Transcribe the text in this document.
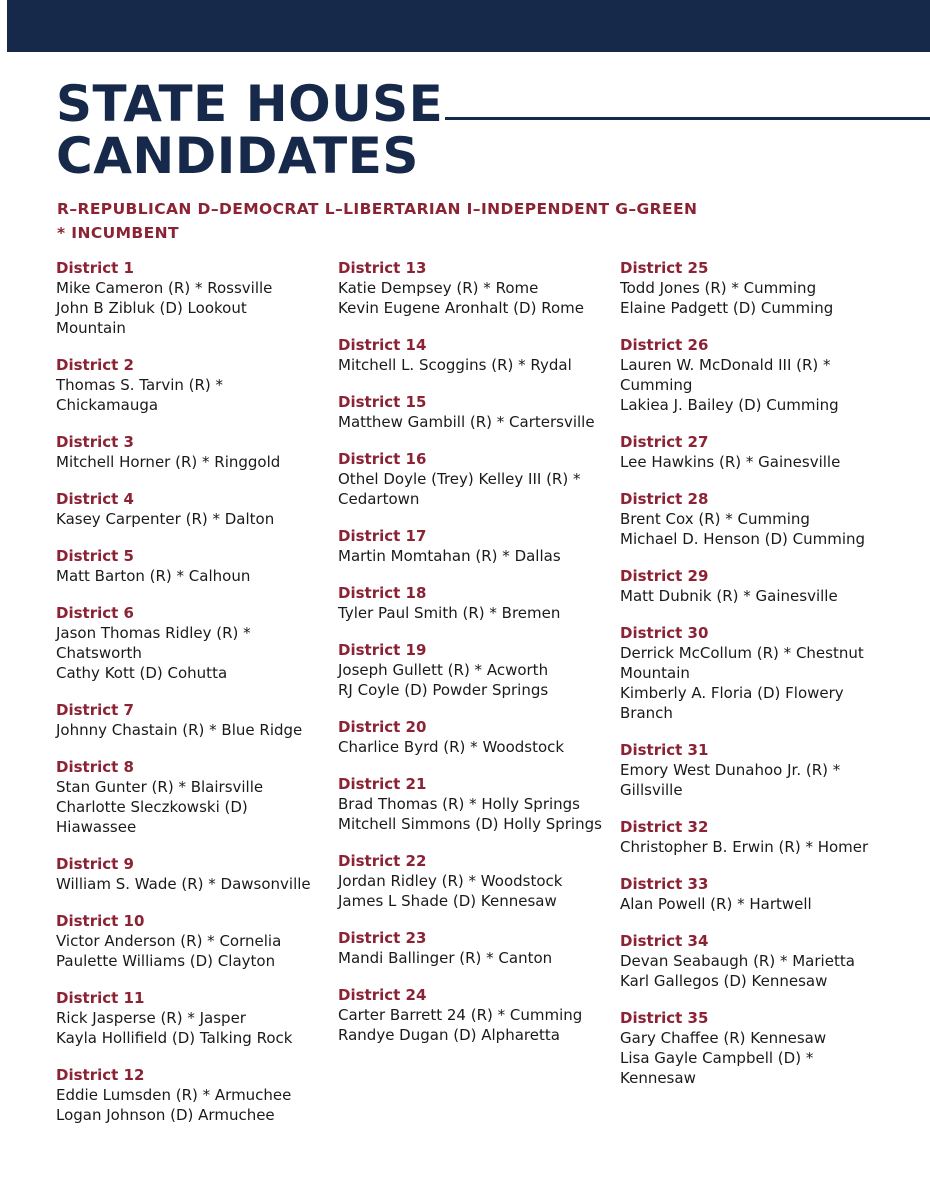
STATE HOUSE
CANDIDATES
R–REPUBLICAN D–DEMOCRAT L–LIBERTARIAN I–INDEPENDENT G–GREEN
* INCUMBENT
District 1
Mike Cameron (R) * Rossville
John B Zibluk (D) Lookout Mountain
District 2
Thomas S. Tarvin (R) * Chickamauga
District 3
Mitchell Horner (R) * Ringgold
District 4
Kasey Carpenter (R) * Dalton
District 5
Matt Barton (R) * Calhoun
District 6
Jason Thomas Ridley (R) * Chatsworth
Cathy Kott (D) Cohutta
District 7
Johnny Chastain (R) * Blue Ridge
District 8
Stan Gunter (R) * Blairsville
Charlotte Sleczkowski (D) Hiawassee
District 9
William S. Wade (R) * Dawsonville
District 10
Victor Anderson (R) * Cornelia
Paulette Williams (D) Clayton
District 11
Rick Jasperse (R) * Jasper
Kayla Hollifield (D) Talking Rock
District 12
Eddie Lumsden (R) * Armuchee
Logan Johnson (D) Armuchee
District 13
Katie Dempsey (R) * Rome
Kevin Eugene Aronhalt (D) Rome
District 14
Mitchell L. Scoggins (R) * Rydal
District 15
Matthew Gambill (R) * Cartersville
District 16
Othel Doyle (Trey) Kelley III (R) * Cedartown
District 17
Martin Momtahan (R) * Dallas
District 18
Tyler Paul Smith (R) * Bremen
District 19
Joseph Gullett (R) * Acworth
RJ Coyle (D) Powder Springs
District 20
Charlice Byrd (R) * Woodstock
District 21
Brad Thomas (R) * Holly Springs
Mitchell Simmons (D) Holly Springs
District 22
Jordan Ridley (R) * Woodstock
James L Shade (D) Kennesaw
District 23
Mandi Ballinger (R) * Canton
District 24
Carter Barrett 24 (R) * Cumming
Randye Dugan (D) Alpharetta
District 25
Todd Jones (R) * Cumming
Elaine Padgett (D) Cumming
District 26
Lauren W. McDonald III (R) * Cumming
Lakiea J. Bailey (D) Cumming
District 27
Lee Hawkins (R) * Gainesville
District 28
Brent Cox (R) * Cumming
Michael D. Henson (D) Cumming
District 29
Matt Dubnik (R) * Gainesville
District 30
Derrick McCollum (R) * Chestnut Mountain
Kimberly A. Floria (D) Flowery Branch
District 31
Emory West Dunahoo Jr. (R) * Gillsville
District 32
Christopher B. Erwin (R) * Homer
District 33
Alan Powell (R) * Hartwell
District 34
Devan Seabaugh (R) * Marietta
Karl Gallegos (D) Kennesaw
District 35
Gary Chaffee (R) Kennesaw
Lisa Gayle Campbell (D) * Kennesaw
